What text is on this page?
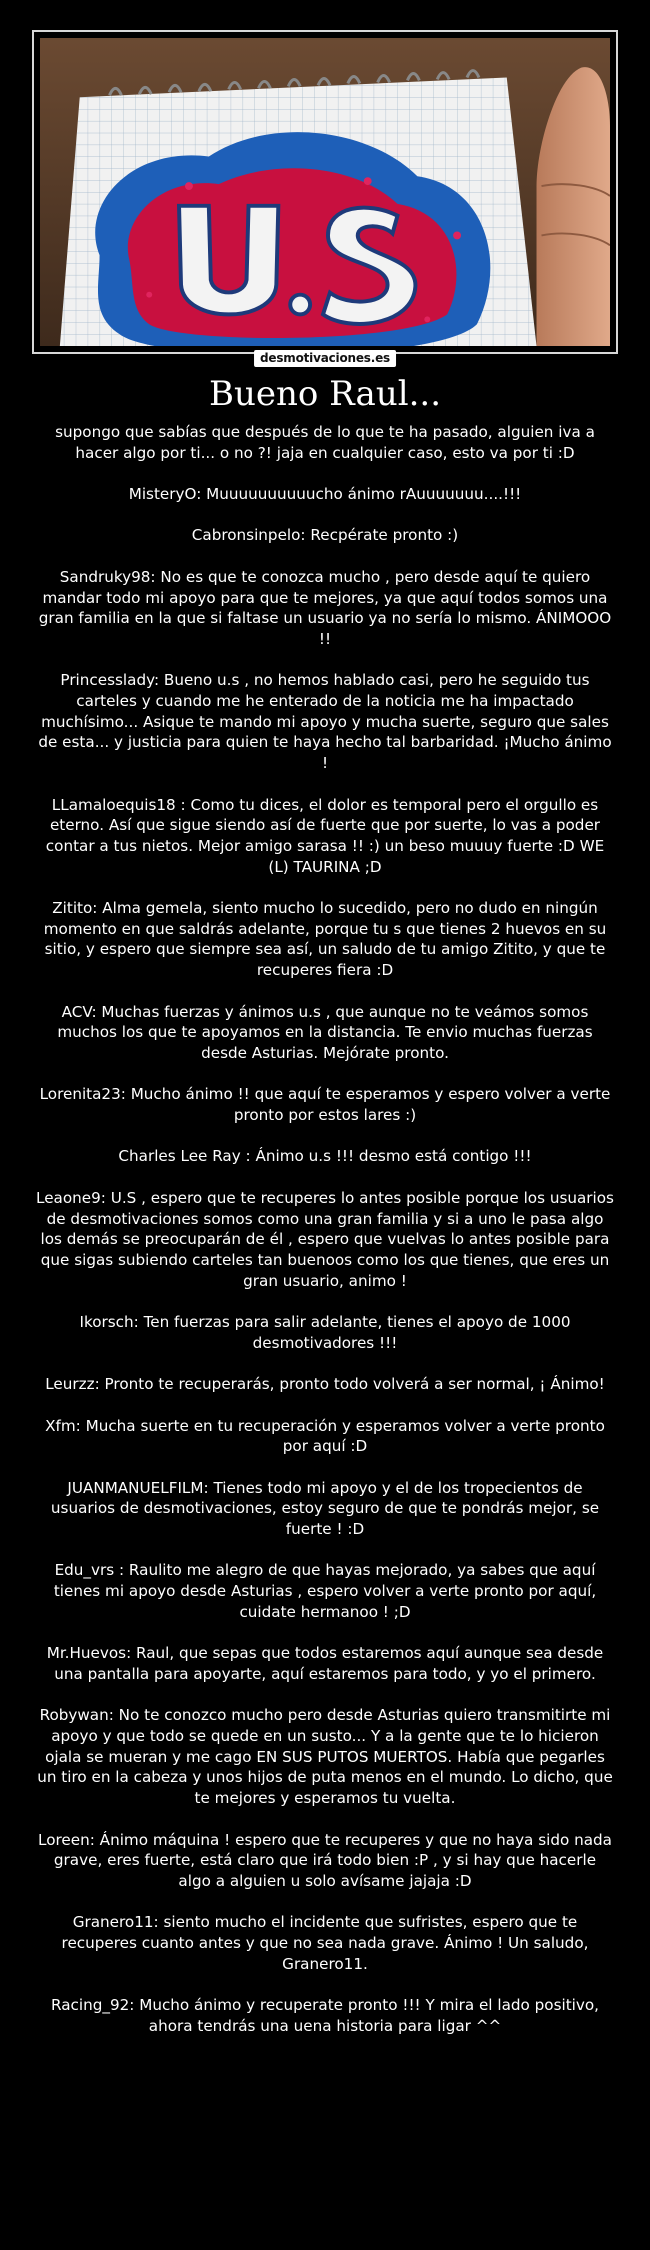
desmotivaciones.es
Bueno Raul...

supongo que sabías que después de lo que te ha pasado, alguien iva a hacer algo por ti... o no ?! jaja en cualquier caso, esto va por ti :D

MisteryO: Muuuuuuuuuucho ánimo rAuuuuuuu....!!!

Cabronsinpelo: Recpérate pronto :)

Sandruky98: No es que te conozca mucho , pero desde aquí te quiero mandar todo mi apoyo para que te mejores, ya que aquí todos somos una gran familia en la que si faltase un usuario ya no sería lo mismo. ÁNIMOOO !!

Princesslady: Bueno u.s , no hemos hablado casi, pero he seguido tus carteles y cuando me he enterado de la noticia me ha impactado muchísimo... Asique te mando mi apoyo y mucha suerte, seguro que sales de esta... y justicia para quien te haya hecho tal barbaridad. ¡Mucho ánimo !

LLamaloequis18 : Como tu dices, el dolor es temporal pero el orgullo es eterno. Así que sigue siendo así de fuerte que por suerte, lo vas a poder contar a tus nietos. Mejor amigo sarasa !! :) un beso muuuy fuerte :D WE (L) TAURINA ;D

Zitito: Alma gemela, siento mucho lo sucedido, pero no dudo en ningún momento en que saldrás adelante, porque tu s que tienes 2 huevos en su sitio, y espero que siempre sea así, un saludo de tu amigo Zitito, y que te recuperes fiera :D

ACV: Muchas fuerzas y ánimos u.s , que aunque no te veámos somos muchos los que te apoyamos en la distancia. Te envio muchas fuerzas desde Asturias. Mejórate pronto.

Lorenita23: Mucho ánimo !! que aquí te esperamos y espero volver a verte pronto por estos lares :)

Charles Lee Ray : Ánimo u.s !!! desmo está contigo !!!

Leaone9: U.S , espero que te recuperes lo antes posible porque los usuarios de desmotivaciones somos como una gran familia y si a uno le pasa algo los demás se preocuparán de él , espero que vuelvas lo antes posible para que sigas subiendo carteles tan buenoos como los que tienes, que eres un gran usuario, animo !

Ikorsch: Ten fuerzas para salir adelante, tienes el apoyo de 1000 desmotivadores !!!

Leurzz: Pronto te recuperarás, pronto todo volverá a ser normal, ¡ Ánimo!

Xfm: Mucha suerte en tu recuperación y esperamos volver a verte pronto por aquí :D

JUANMANUELFILM: Tienes todo mi apoyo y el de los tropecientos de usuarios de desmotivaciones, estoy seguro de que te pondrás mejor, se fuerte ! :D

Edu_vrs : Raulito me alegro de que hayas mejorado, ya sabes que aquí tienes mi apoyo desde Asturias , espero volver a verte pronto por aquí, cuidate hermanoo ! ;D

Mr.Huevos: Raul, que sepas que todos estaremos aquí aunque sea desde una pantalla para apoyarte, aquí estaremos para todo, y yo el primero.

Robywan: No te conozco mucho pero desde Asturias quiero transmitirte mi apoyo y que todo se quede en un susto... Y a la gente que te lo hicieron ojala se mueran y me cago EN SUS PUTOS MUERTOS. Había que pegarles un tiro en la cabeza y unos hijos de puta menos en el mundo. Lo dicho, que te mejores y esperamos tu vuelta.

Loreen: Ánimo máquina ! espero que te recuperes y que no haya sido nada grave, eres fuerte, está claro que irá todo bien :P , y si hay que hacerle algo a alguien u solo avísame jajaja :D

Granero11: siento mucho el incidente que sufristes, espero que te recuperes cuanto antes y que no sea nada grave. Ánimo ! Un saludo, Granero11.

Racing_92: Mucho ánimo y recuperate pronto !!! Y mira el lado positivo, ahora tendrás una uena historia para ligar ^^
